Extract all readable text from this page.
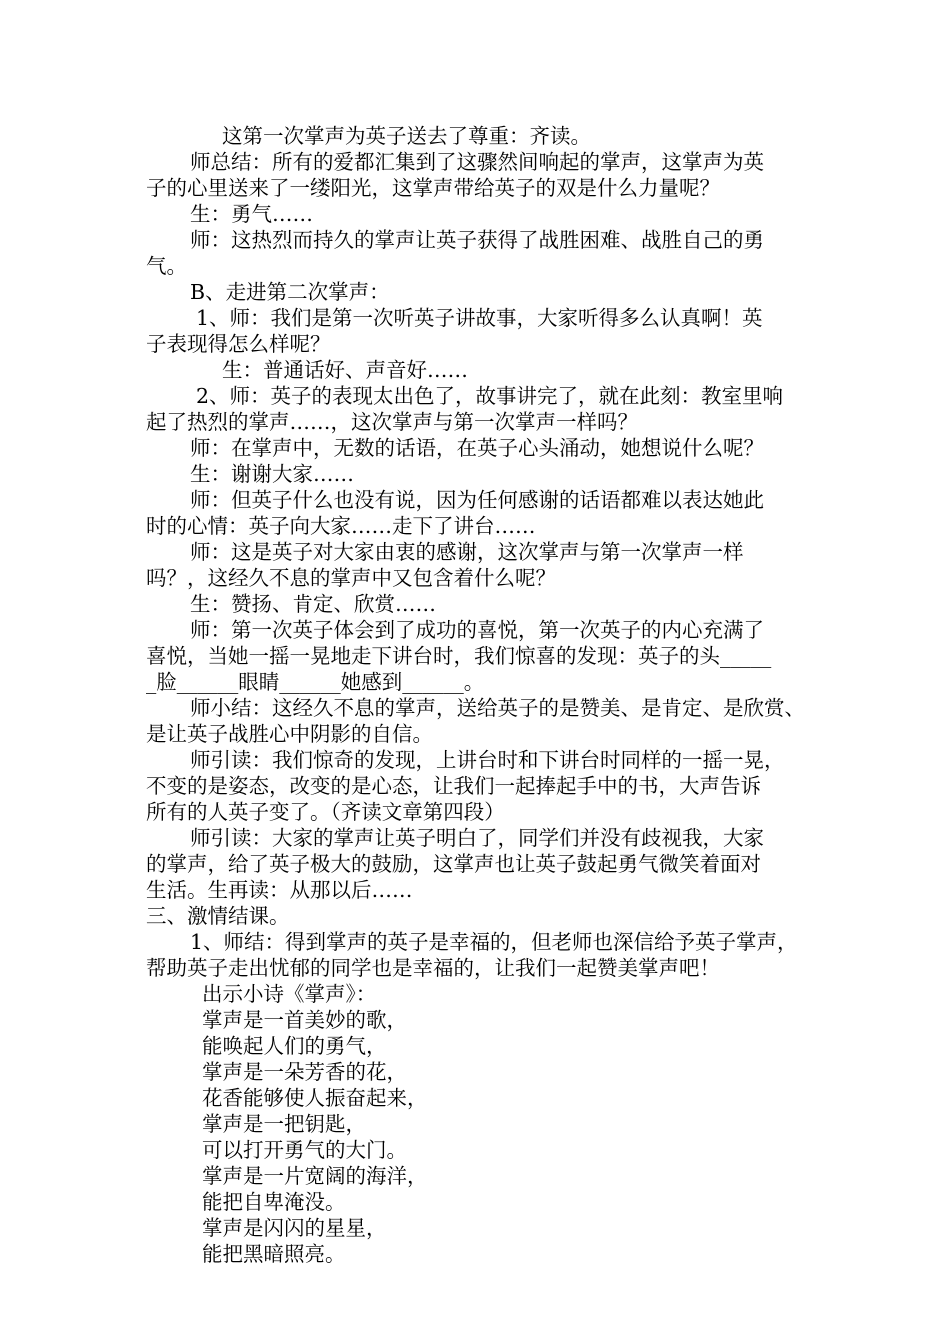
这第一次掌声为英子送去了尊重：齐读。
师总结：所有的爱都汇集到了这骤然间响起的掌声，这掌声为英
子的心里送来了一缕阳光，这掌声带给英子的双是什么力量呢？
生：勇气……
师：这热烈而持久的掌声让英子获得了战胜困难、战胜自己的勇
气。
B、走进第二次掌声：
1、师：我们是第一次听英子讲故事，大家听得多么认真啊！英
子表现得怎么样呢？
生：普通话好、声音好……
2、师：英子的表现太出色了，故事讲完了，就在此刻：教室里响
起了热烈的掌声……，这次掌声与第一次掌声一样吗？
师：在掌声中，无数的话语，在英子心头涌动，她想说什么呢？
生：谢谢大家……
师：但英子什么也没有说，因为任何感谢的话语都难以表达她此
时的心情：英子向大家……走下了讲台……
师：这是英子对大家由衷的感谢，这次掌声与第一次掌声一样
吗？，这经久不息的掌声中又包含着什么呢？
生：赞扬、肯定、欣赏……
师：第一次英子体会到了成功的喜悦，第一次英子的内心充满了
喜悦，当她一摇一晃地走下讲台时，我们惊喜的发现：英子的头_____
_脸______眼睛______她感到______。
师小结：这经久不息的掌声，送给英子的是赞美、是肯定、是欣赏、
是让英子战胜心中阴影的自信。
师引读：我们惊奇的发现，上讲台时和下讲台时同样的一摇一晃，
不变的是姿态，改变的是心态，让我们一起捧起手中的书，大声告诉
所有的人英子变了。（齐读文章第四段）
师引读：大家的掌声让英子明白了，同学们并没有歧视我，大家
的掌声，给了英子极大的鼓励，这掌声也让英子鼓起勇气微笑着面对
生活。生再读：从那以后……
三、激情结课。
1、师结：得到掌声的英子是幸福的，但老师也深信给予英子掌声，
帮助英子走出忧郁的同学也是幸福的，让我们一起赞美掌声吧！
出示小诗《掌声》：
掌声是一首美妙的歌，
能唤起人们的勇气，
掌声是一朵芳香的花，
花香能够使人振奋起来，
掌声是一把钥匙，
可以打开勇气的大门。
掌声是一片宽阔的海洋，
能把自卑淹没。
掌声是闪闪的星星，
能把黑暗照亮。
